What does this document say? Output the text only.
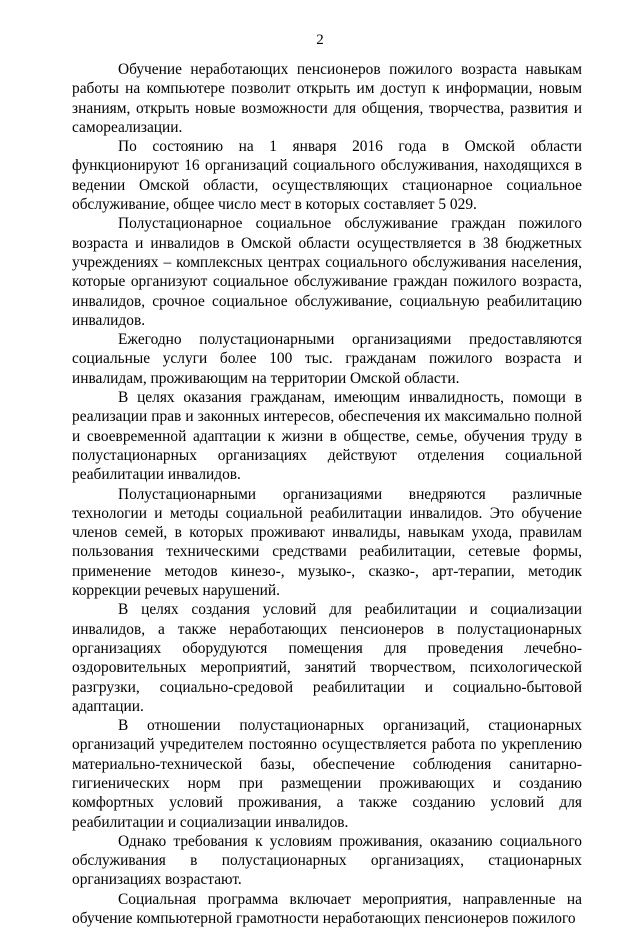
2

Обучение неработающих пенсионеров пожилого возраста навыкам работы на компьютере позволит открыть им доступ к информации, новым знаниям, открыть новые возможности для общения, творчества, развития и самореализации.

По состоянию на 1 января 2016 года в Омской области функционируют 16 организаций социального обслуживания, находящихся в ведении Омской области, осуществляющих стационарное социальное обслуживание, общее число мест в которых составляет 5 029.

Полустационарное социальное обслуживание граждан пожилого возраста и инвалидов в Омской области осуществляется в 38 бюджетных учреждениях – комплексных центрах социального обслуживания населения, которые организуют социальное обслуживание граждан пожилого возраста, инвалидов, срочное социальное обслуживание, социальную реабилитацию инвалидов.

Ежегодно полустационарными организациями предоставляются социальные услуги более 100 тыс. гражданам пожилого возраста и инвалидам, проживающим на территории Омской области.

В целях оказания гражданам, имеющим инвалидность, помощи в реализации прав и законных интересов, обеспечения их максимально полной и своевременной адаптации к жизни в обществе, семье, обучения труду в полустационарных организациях действуют отделения социальной реабилитации инвалидов.

Полустационарными организациями внедряются различные технологии и методы социальной реабилитации инвалидов. Это обучение членов семей, в которых проживают инвалиды, навыкам ухода, правилам пользования техническими средствами реабилитации, сетевые формы, применение методов кинезо-, музыко-, сказко-, арт-терапии, методик коррекции речевых нарушений.

В целях создания условий для реабилитации и социализации инвалидов, а также неработающих пенсионеров в полустационарных организациях оборудуются помещения для проведения лечебно-оздоровительных мероприятий, занятий творчеством, психологической разгрузки, социально-средовой реабилитации и социально-бытовой адаптации.

В отношении полустационарных организаций, стационарных организаций учредителем постоянно осуществляется работа по укреплению материально-технической базы, обеспечение соблюдения санитарно-гигиенических норм при размещении проживающих и созданию комфортных условий проживания, а также созданию условий для реабилитации и социализации инвалидов.

Однако требования к условиям проживания, оказанию социального обслуживания в полустационарных организациях, стационарных организациях возрастают.

Социальная программа включает мероприятия, направленные на обучение компьютерной грамотности неработающих пенсионеров пожилого
